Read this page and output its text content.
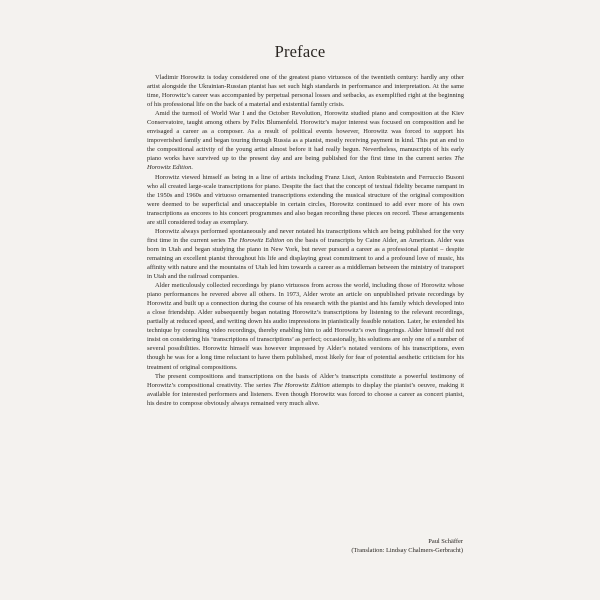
Preface

Vladimir Horowitz is today considered one of the greatest piano virtuosos of the twentieth century: hardly any other artist alongside the Ukrainian-Russian pianist has set such high standards in performance and interpretation. At the same time, Horowitz’s career was accompanied by perpetual personal losses and setbacks, as exemplified right at the beginning of his professional life on the back of a material and existential family crisis.

Amid the turmoil of World War I and the October Revolution, Horowitz studied piano and composition at the Kiev Conservatoire, taught among others by Felix Blumenfeld. Horowitz’s major interest was focused on composition and he envisaged a career as a composer. As a result of political events however, Horowitz was forced to support his impoverished family and began touring through Russia as a pianist, mostly receiving payment in kind. This put an end to the compositional activity of the young artist almost before it had really begun. Nevertheless, manuscripts of his early piano works have survived up to the present day and are being published for the first time in the current series The Horowitz Edition.

Horowitz viewed himself as being in a line of artists including Franz Liszt, Anton Rubinstein and Ferruccio Busoni who all created large-scale transcriptions for piano. Despite the fact that the concept of textual fidelity became rampant in the 1950s and 1960s and virtuoso ornamented transcriptions extending the musical structure of the original composition were deemed to be superficial and unacceptable in certain circles, Horowitz continued to add ever more of his own transcriptions as encores to his concert programmes and also began recording these pieces on record. These arrangements are still considered today as exemplary.

Horowitz always performed spontaneously and never notated his transcriptions which are being published for the very first time in the current series The Horowitz Edition on the basis of transcripts by Caine Alder, an American. Alder was born in Utah and began studying the piano in New York, but never pursued a career as a professional pianist – despite remaining an excellent pianist throughout his life and displaying great commitment to and a profound love of music, his affinity with nature and the mountains of Utah led him towards a career as a middleman between the ministry of transport in Utah and the railroad companies.

Alder meticulously collected recordings by piano virtuosos from across the world, including those of Horowitz whose piano performances he revered above all others. In 1973, Alder wrote an article on unpublished private recordings by Horowitz and built up a connection during the course of his research with the pianist and his family which developed into a close friendship. Alder subsequently began notating Horowitz’s transcriptions by listening to the relevant recordings, partially at reduced speed, and writing down his audio impressions in pianistically feasible notation. Later, he extended his technique by consulting video recordings, thereby enabling him to add Horowitz’s own fingerings. Alder himself did not insist on considering his ‘transcriptions of transcriptions’ as perfect; occasionally, his solutions are only one of a number of several possibilities. Horowitz himself was however impressed by Alder’s notated versions of his transcriptions, even though he was for a long time reluctant to have them published, most likely for fear of potential aesthetic criticism for his treatment of original compositions.

The present compositions and transcriptions on the basis of Alder’s transcripts constitute a powerful testimony of Horowitz’s compositional creativity. The series The Horowitz Edition attempts to display the pianist’s oeuvre, making it available for interested performers and listeners. Even though Horowitz was forced to choose a career as concert pianist, his desire to compose obviously always remained very much alive.

Paul Schäffer
(Translation: Lindsay Chalmers-Gerbracht)
